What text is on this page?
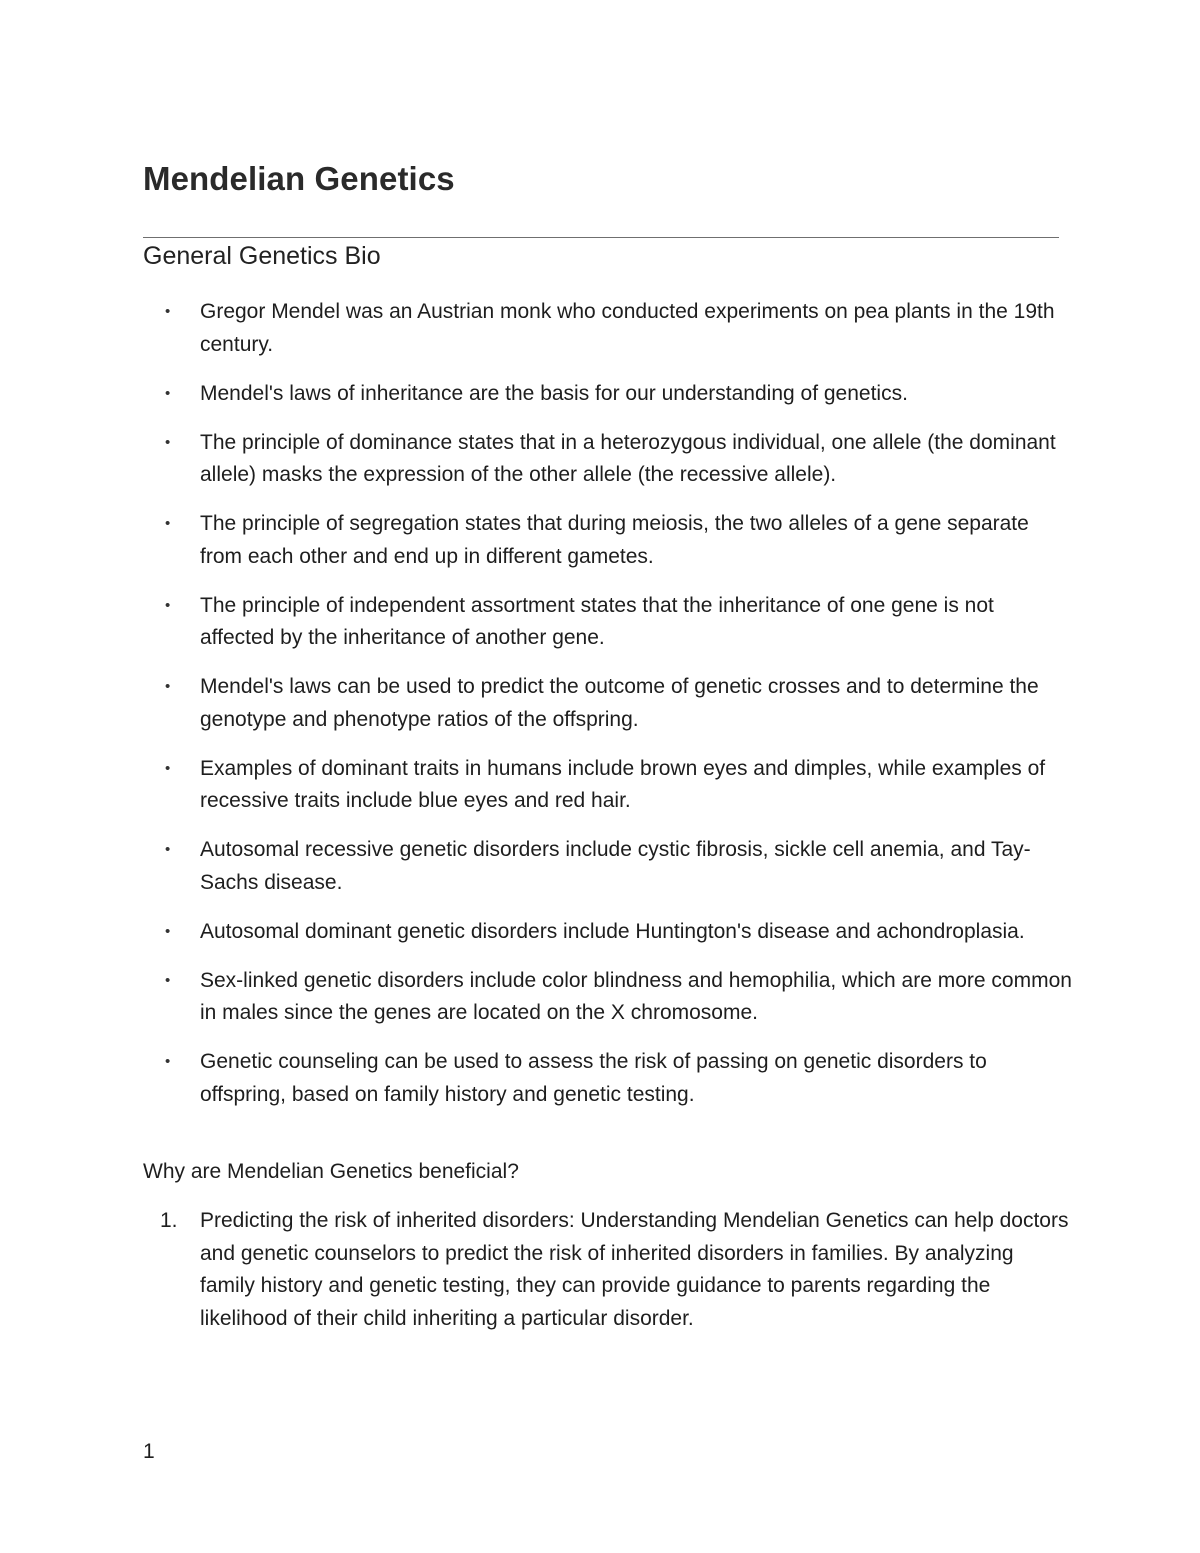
Mendelian Genetics
General Genetics Bio
• Gregor Mendel was an Austrian monk who conducted experiments on pea plants in the 19th century.
• Mendel's laws of inheritance are the basis for our understanding of genetics.
• The principle of dominance states that in a heterozygous individual, one allele (the dominant allele) masks the expression of the other allele (the recessive allele).
• The principle of segregation states that during meiosis, the two alleles of a gene separate from each other and end up in different gametes.
• The principle of independent assortment states that the inheritance of one gene is not affected by the inheritance of another gene.
• Mendel's laws can be used to predict the outcome of genetic crosses and to determine the genotype and phenotype ratios of the offspring.
• Examples of dominant traits in humans include brown eyes and dimples, while examples of recessive traits include blue eyes and red hair.
• Autosomal recessive genetic disorders include cystic fibrosis, sickle cell anemia, and Tay-Sachs disease.
• Autosomal dominant genetic disorders include Huntington's disease and achondroplasia.
• Sex-linked genetic disorders include color blindness and hemophilia, which are more common in males since the genes are located on the X chromosome.
• Genetic counseling can be used to assess the risk of passing on genetic disorders to offspring, based on family history and genetic testing.

Why are Mendelian Genetics beneficial?

1. Predicting the risk of inherited disorders: Understanding Mendelian Genetics can help doctors and genetic counselors to predict the risk of inherited disorders in families. By analyzing family history and genetic testing, they can provide guidance to parents regarding the likelihood of their child inheriting a particular disorder.
1
